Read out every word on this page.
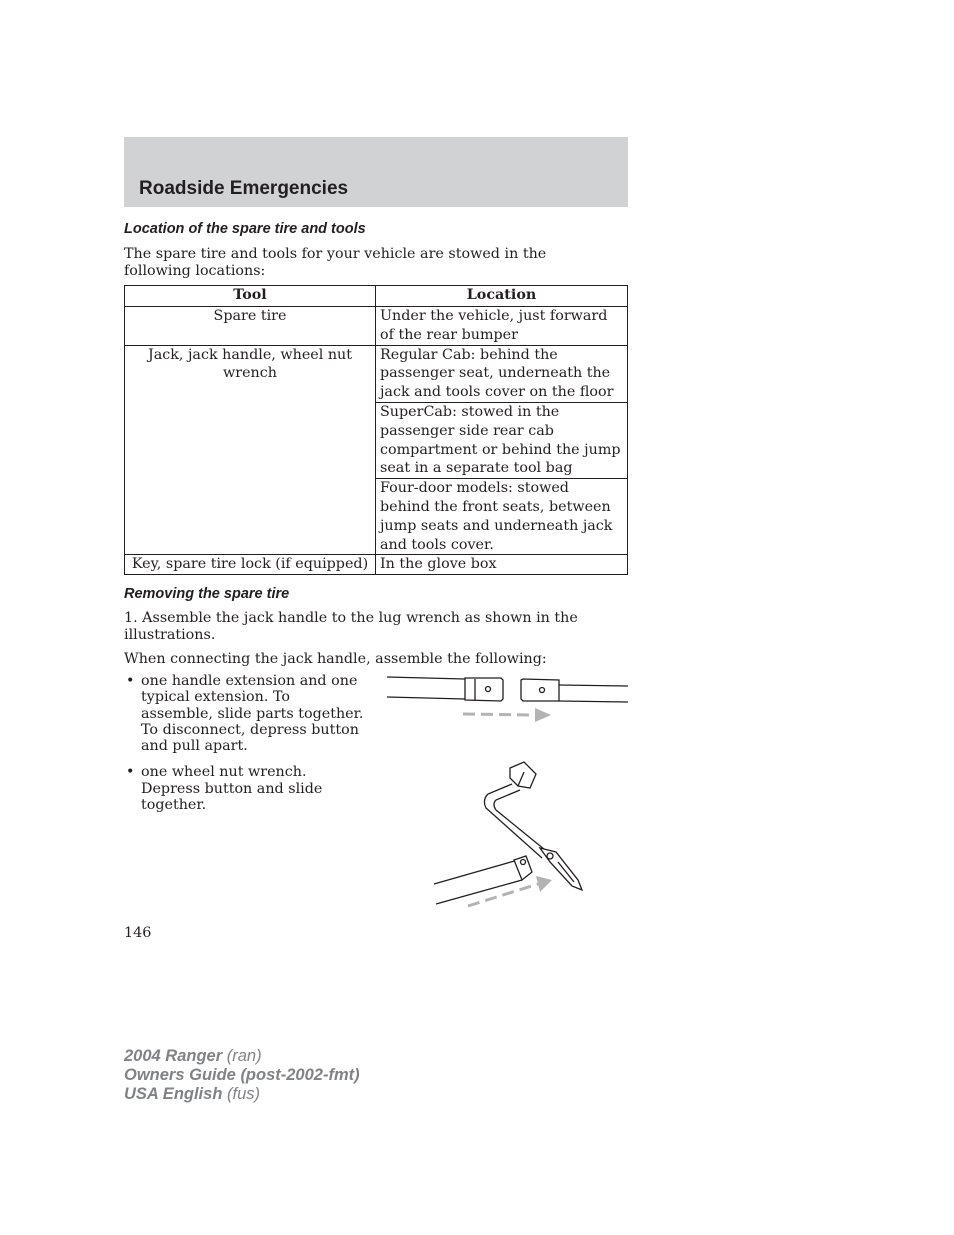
Roadside Emergencies
Location of the spare tire and tools
The spare tire and tools for your vehicle are stowed in the following locations:
Tool	Location
Spare tire	Under the vehicle, just forward of the rear bumper
Jack, jack handle, wheel nut wrench	Regular Cab: behind the passenger seat, underneath the jack and tools cover on the floor
	SuperCab: stowed in the passenger side rear cab compartment or behind the jump seat in a separate tool bag
	Four-door models: stowed behind the front seats, between jump seats and underneath jack and tools cover.
Key, spare tire lock (if equipped)	In the glove box
Removing the spare tire
1. Assemble the jack handle to the lug wrench as shown in the illustrations.
When connecting the jack handle, assemble the following:
• one handle extension and one typical extension. To assemble, slide parts together. To disconnect, depress button and pull apart.
• one wheel nut wrench. Depress button and slide together.
146
2004 Ranger (ran)
Owners Guide (post-2002-fmt)
USA English (fus)
